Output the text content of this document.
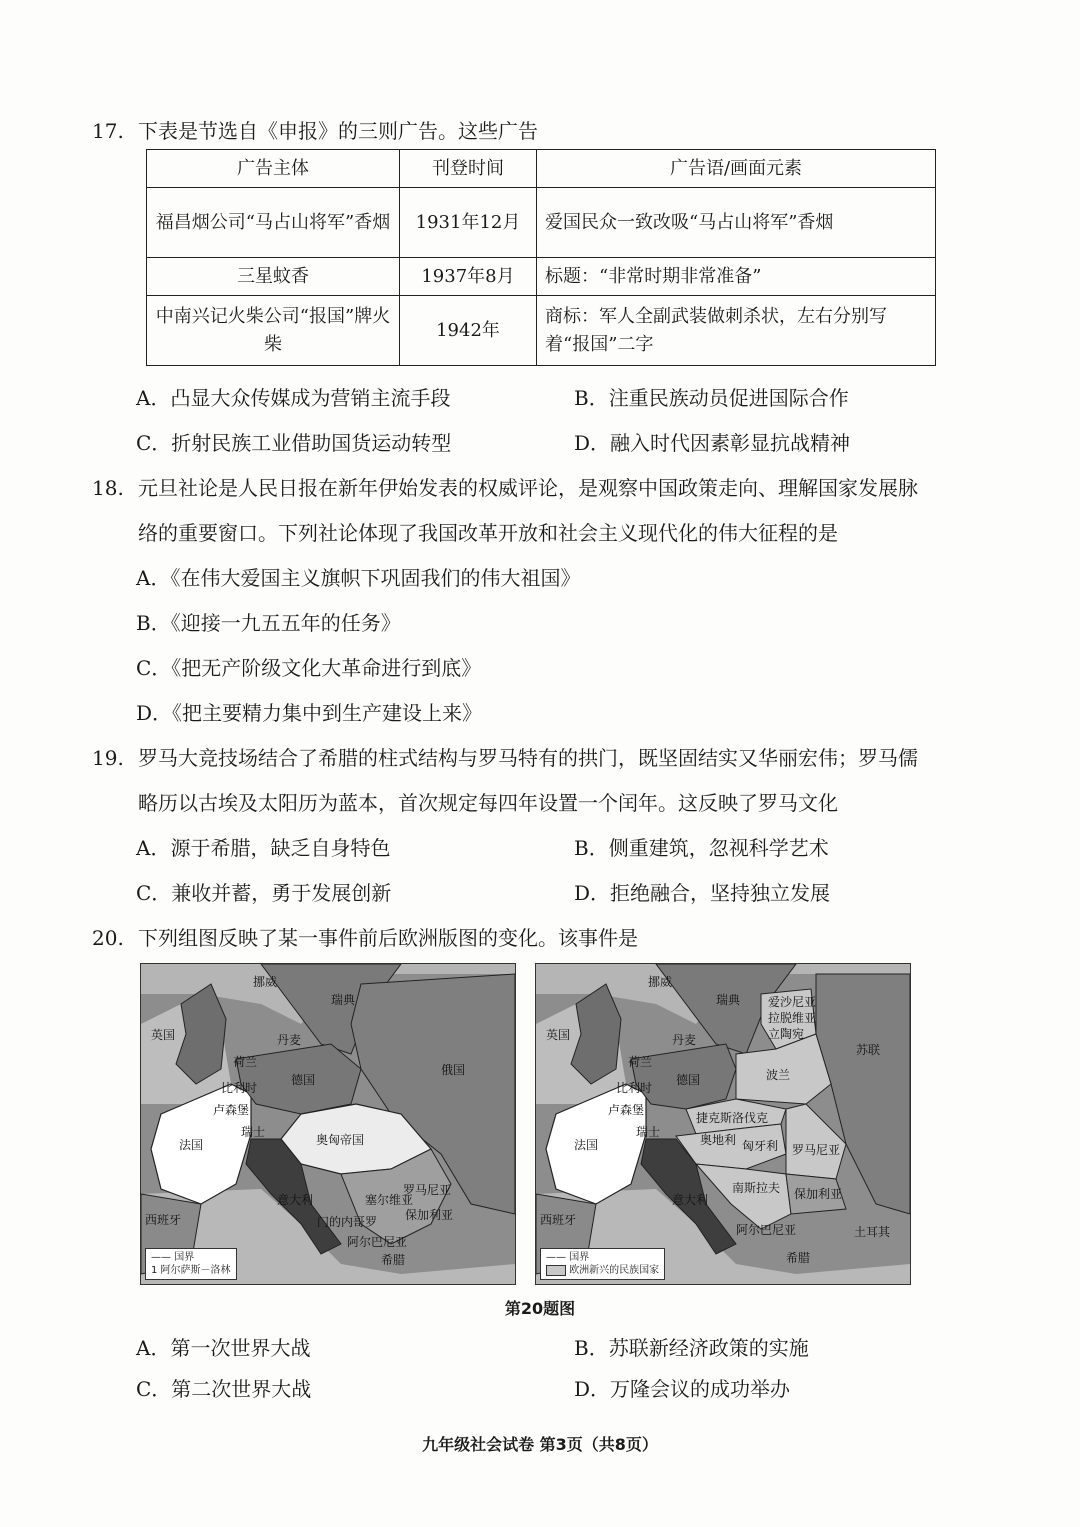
17. 下表是节选自《申报》的三则广告。这些广告
广告主体	刊登时间	广告语/画面元素
福昌烟公司“马占山将军”香烟	1931年12月	爱国民众一致改吸“马占山将军”香烟
三星蚊香	1937年8月	标题：“非常时期非常准备”
中南兴记火柴公司“报国”牌火柴	1942年	商标：军人全副武装做刺杀状，左右分别写着“报国”二字
A．凸显大众传媒成为营销主流手段	B．注重民族动员促进国际合作
C．折射民族工业借助国货运动转型	D．融入时代因素彰显抗战精神
18. 元旦社论是人民日报在新年伊始发表的权威评论，是观察中国政策走向、理解国家发展脉
络的重要窗口。下列社论体现了我国改革开放和社会主义现代化的伟大征程的是
A．《在伟大爱国主义旗帜下巩固我们的伟大祖国》
B．《迎接一九五五年的任务》
C．《把无产阶级文化大革命进行到底》
D．《把主要精力集中到生产建设上来》
19. 罗马大竞技场结合了希腊的柱式结构与罗马特有的拱门，既坚固结实又华丽宏伟；罗马儒
略历以古埃及太阳历为蓝本，首次规定每四年设置一个闰年。这反映了罗马文化
A．源于希腊，缺乏自身特色	B．侧重建筑，忽视科学艺术
C．兼收并蓄，勇于发展创新	D．拒绝融合，坚持独立发展
20. 下列组图反映了某一事件前后欧洲版图的变化。该事件是
挪威
瑞典
英国	丹麦
荷兰
比利时
德国
俄国
卢森堡
法国
瑞士
奥匈帝国
西班牙
罗马尼亚
塞尔维亚
保加利亚
意大利
希腊
门的内哥罗
阿尔巴尼亚
—— 国界
1 阿尔萨斯－洛林
挪威
瑞典 爱沙尼亚
拉脱维亚
立陶宛
苏联
英国	丹麦
荷兰
比利时
德国	波兰
卢森堡
捷克斯洛伐克
法国
瑞士
奥地利 匈牙利 罗马尼亚
西班牙
意大利
南斯拉夫 保加利亚
阿尔巴尼亚
希腊
土耳其
—— 国界
欧洲新兴的民族国家
第20题图
A．第一次世界大战	B．苏联新经济政策的实施
C．第二次世界大战	D．万隆会议的成功举办
九年级社会试卷 第3页（共8页）
